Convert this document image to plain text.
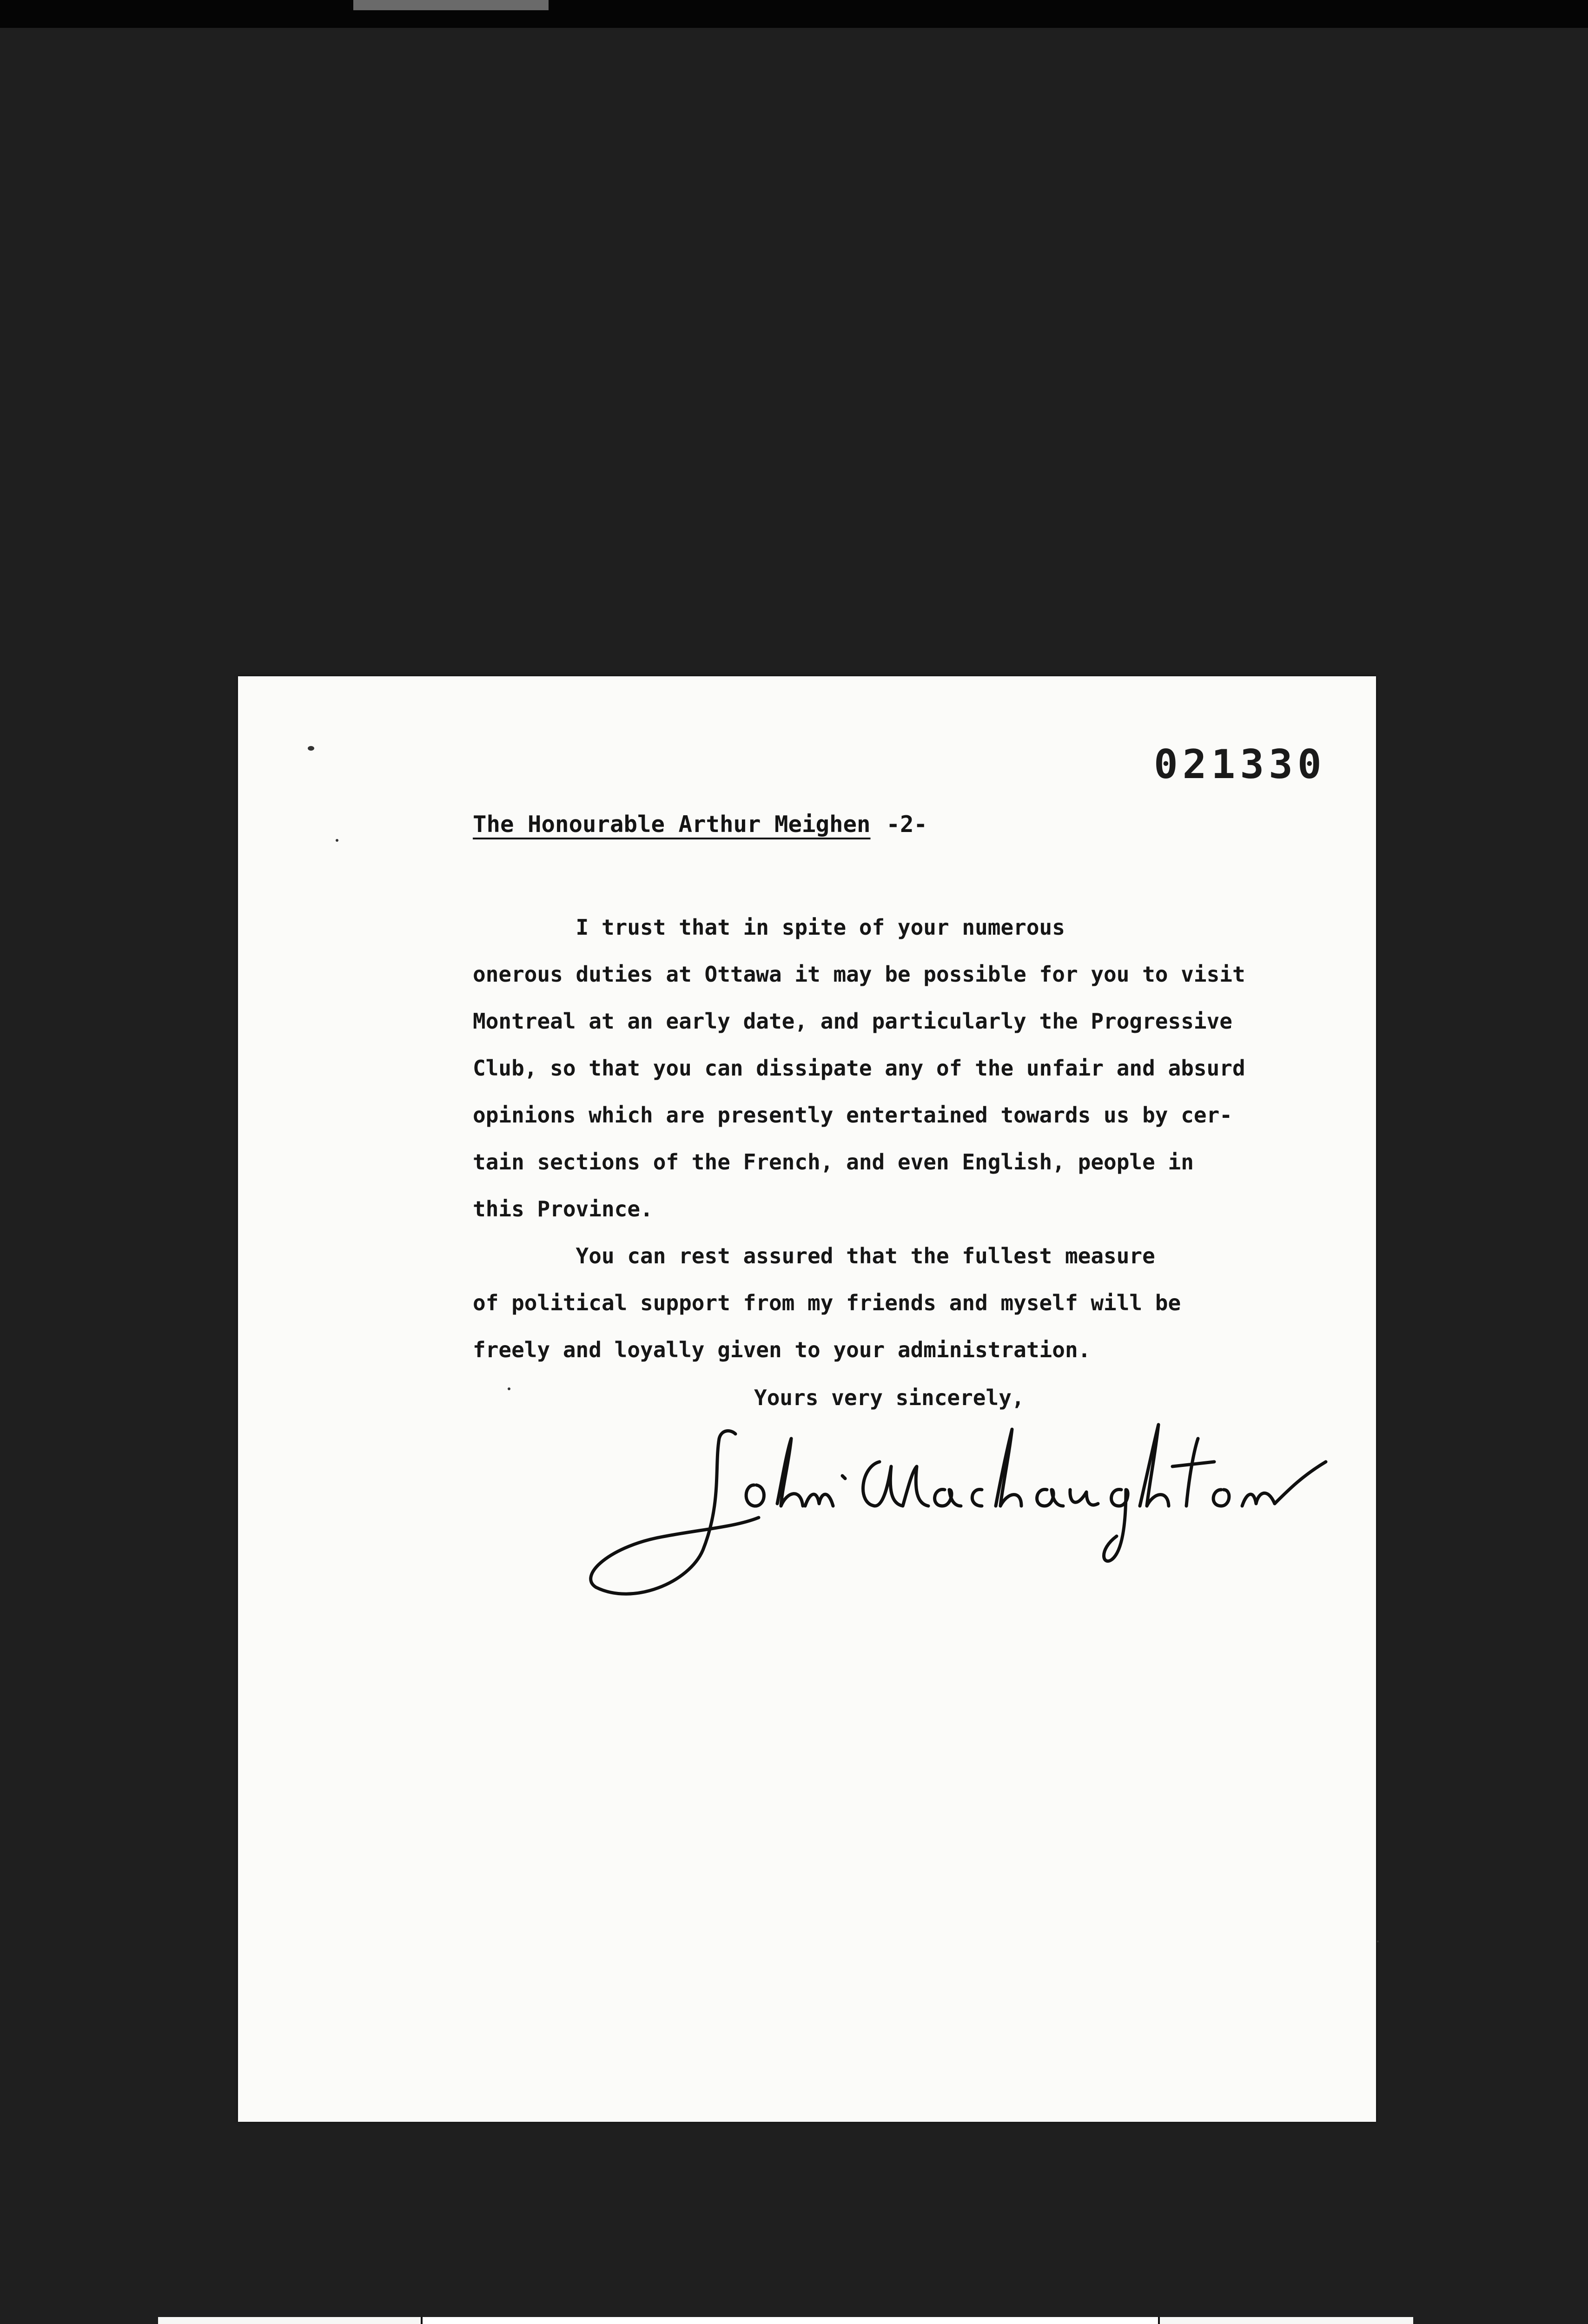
021330
The Honourable Arthur Meighen -2-
I trust that in spite of your numerous
onerous duties at Ottawa it may be possible for you to visit
Montreal at an early date, and particularly the Progressive
Club, so that you can dissipate any of the unfair and absurd
opinions which are presently entertained towards us by cer-
tain sections of the French, and even English, people in
this Province.
You can rest assured that the fullest measure
of political support from my friends and myself will be
freely and loyally given to your administration.
Yours very sincerely,
